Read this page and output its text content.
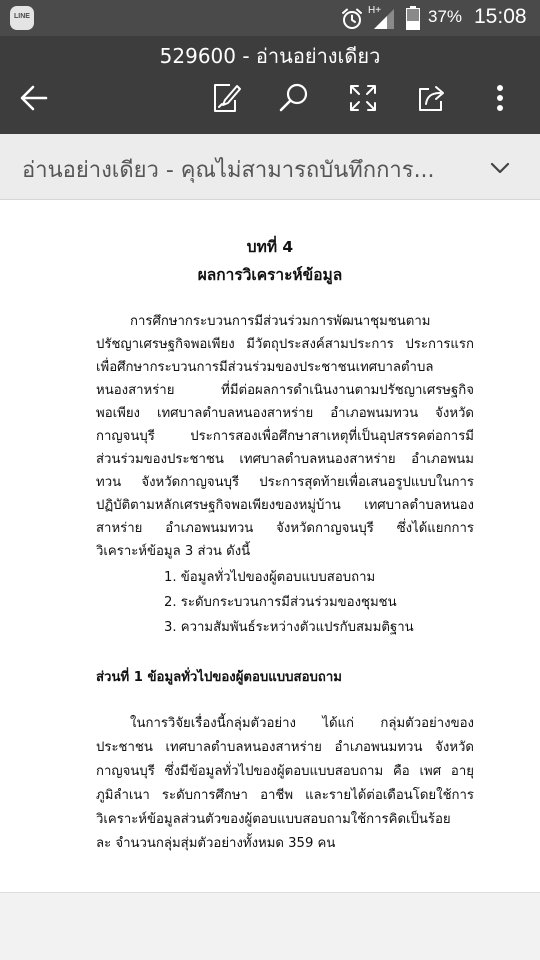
LINE
H+	37% 15:08
529600 - อ่านอย่างเดียว
อ่านอย่างเดียว - คุณไม่สามารถบันทึกการ...
บทที่ 4
ผลการวิเคราะห์ข้อมูล
การศึกษากระบวนการมีส่วนร่วมการพัฒนาชุมชนตาม
ปรัชญาเศรษฐกิจพอเพียง มีวัตถุประสงค์สามประการ ประการแรก
เพื่อศึกษากระบวนการมีส่วนร่วมของประชาชนเทศบาลตำบล
หนองสาหร่าย ที่มีต่อผลการดำเนินงานตามปรัชญาเศรษฐกิจ
พอเพียง เทศบาลตำบลหนองสาหร่าย อำเภอพนมทวน จังหวัด
กาญจนบุรี ประการสองเพื่อศึกษาสาเหตุที่เป็นอุปสรรคต่อการมี
ส่วนร่วมของประชาชน เทศบาลตำบลหนองสาหร่าย อำเภอพนม
ทวน จังหวัดกาญจนบุรี ประการสุดท้ายเพื่อเสนอรูปแบบในการ
ปฏิบัติตามหลักเศรษฐกิจพอเพียงของหมู่บ้าน เทศบาลตำบลหนอง
สาหร่าย อำเภอพนมทวน จังหวัดกาญจนบุรี ซึ่งได้แยกการ
วิเคราะห์ข้อมูล 3 ส่วน ดังนี้
1. ข้อมูลทั่วไปของผู้ตอบแบบสอบถาม
2. ระดับกระบวนการมีส่วนร่วมของชุมชน
3. ความสัมพันธ์ระหว่างตัวแปรกับสมมติฐาน
ส่วนที่ 1 ข้อมูลทั่วไปของผู้ตอบแบบสอบถาม
ในการวิจัยเรื่องนี้กลุ่มตัวอย่าง ได้แก่ กลุ่มตัวอย่างของ
ประชาชน เทศบาลตำบลหนองสาหร่าย อำเภอพนมทวน จังหวัด
กาญจนบุรี ซึ่งมีข้อมูลทั่วไปของผู้ตอบแบบสอบถาม คือ เพศ อายุ
ภูมิลำเนา ระดับการศึกษา อาชีพ และรายได้ต่อเดือนโดยใช้การ
วิเคราะห์ข้อมูลส่วนตัวของผู้ตอบแบบสอบถามใช้การคิดเป็นร้อย
ละ จำนวนกลุ่มสุ่มตัวอย่างทั้งหมด 359 คน
